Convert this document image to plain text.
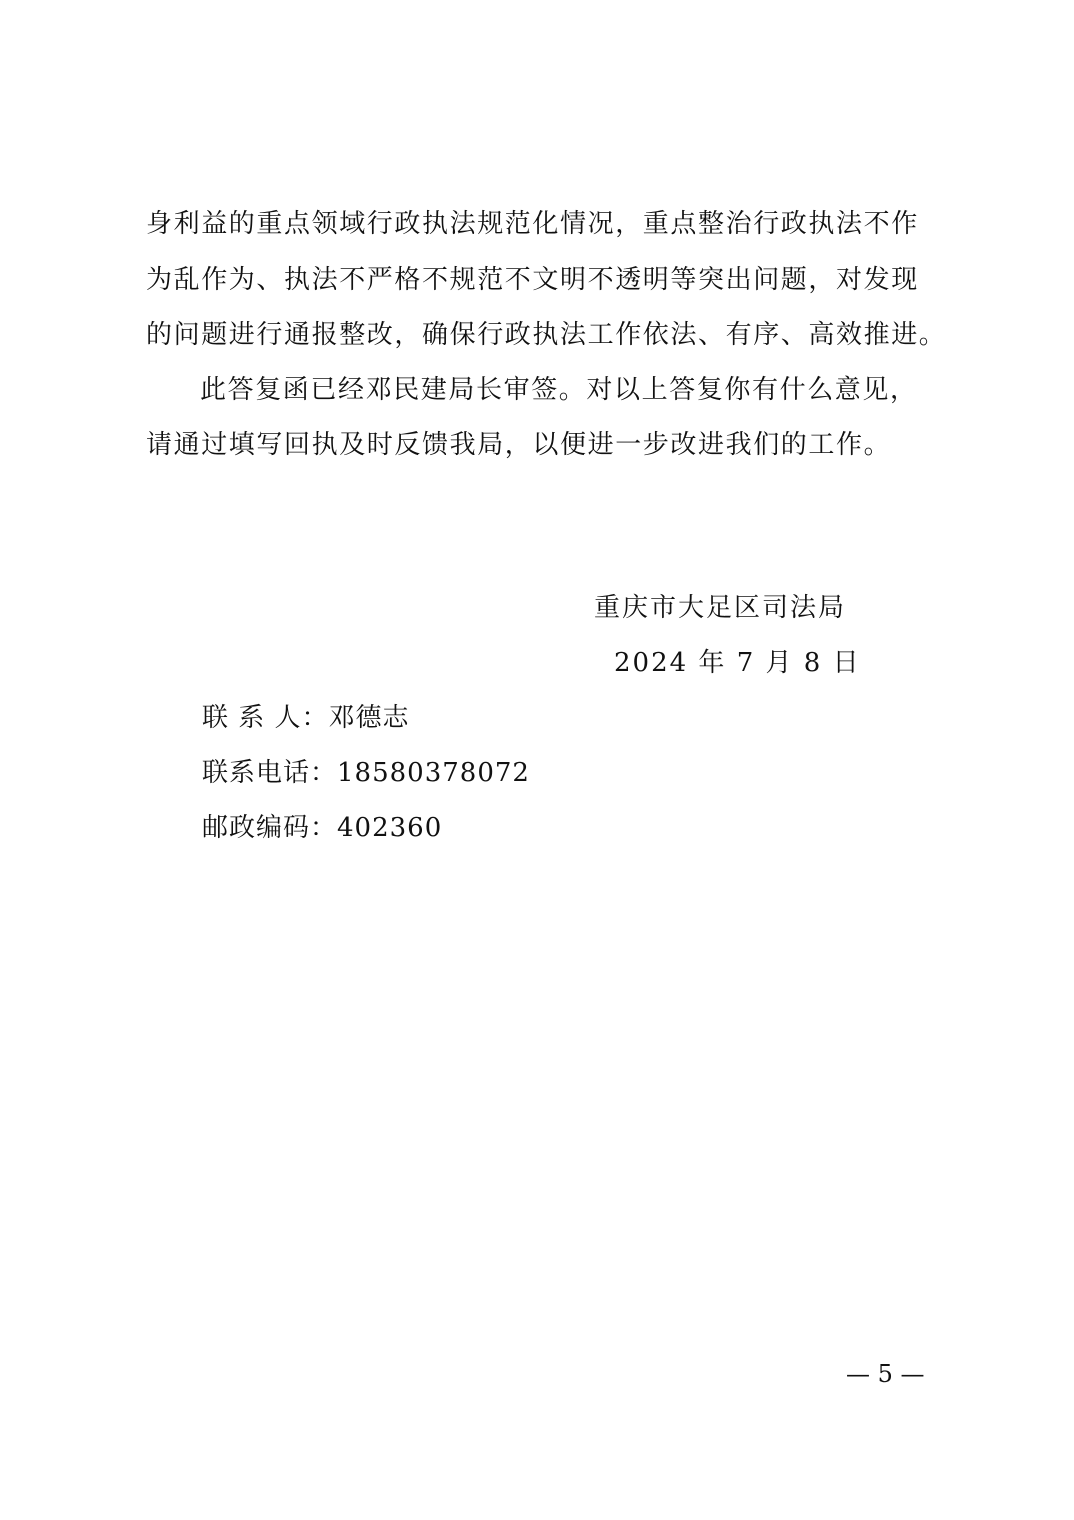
身利益的重点领域行政执法规范化情况，重点整治行政执法不作
为乱作为、执法不严格不规范不文明不透明等突出问题，对发现
的问题进行通报整改，确保行政执法工作依法、有序、高效推进。
此答复函已经邓民建局长审签。对以上答复你有什么意见，
请通过填写回执及时反馈我局，以便进一步改进我们的工作。
重庆市大足区司法局
2024 年 7 月 8 日
联 系 人：邓德志
联系电话：18580378072
邮政编码：402360
— 5 —
